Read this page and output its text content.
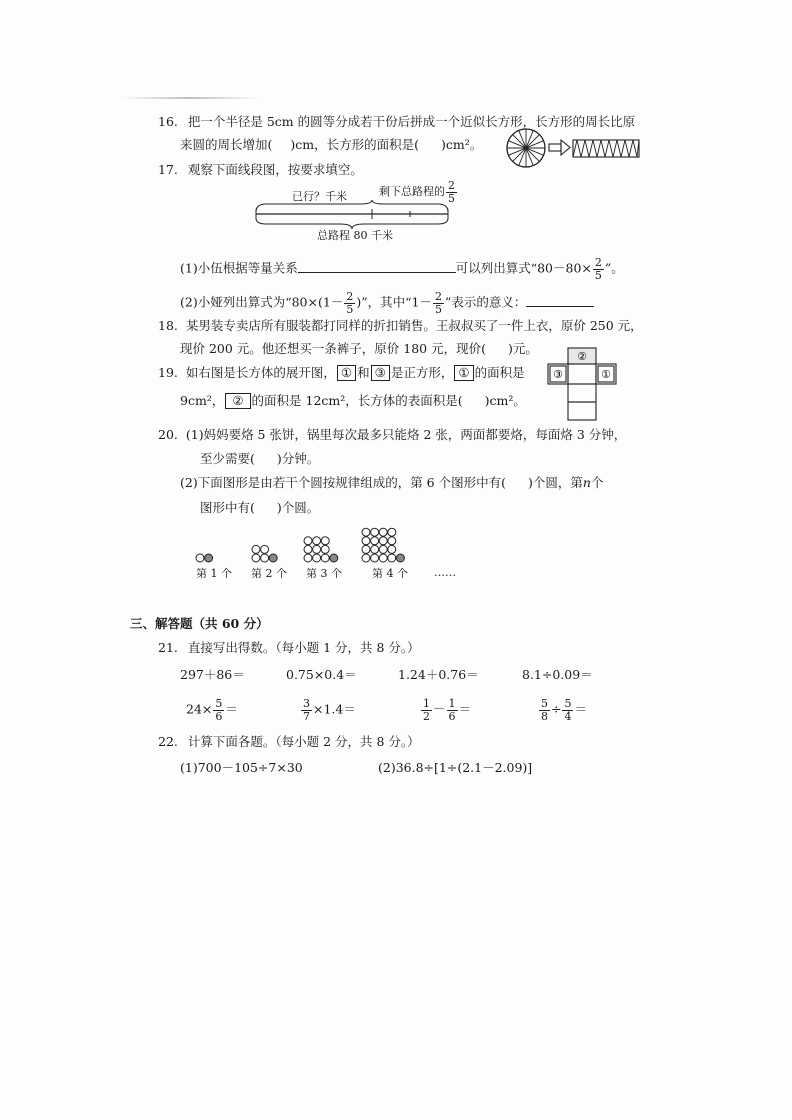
16. 把一个半径是 5cm 的圆等分成若干份后拼成一个近似长方形，长方形的周长比原
来圆的周长增加( )cm，长方形的面积是( )cm²。
17. 观察下面线段图，按要求填空。
已行？千米	剩下总路程的 $\frac{2}{5}$
总路程 80 千米
(1)小伍根据等量关系	可以列出算式“$80-80\times \frac{2}{5}$ ”。
(2)小娅列出算式为“$80\times(1- \frac{2}{5}$ )”，其中“$1- \frac{2}{5}$ ”表示的意义：
18. 某男装专卖店所有服装都打同样的折扣销售。王叔叔买了一件上衣，原价 250 元，
现价 200 元。他还想买一条裤子，原价 180 元，现价( )元。
19. 如右图是长方体的展开图， ① 和 ③ 是正方形， ① 的面积是
9cm²， ② 的面积是 12cm²，长方体的表面积是( )cm²。
②
③	①
20. (1)妈妈要烙 5 张饼，锅里每次最多只能烙 2 张，两面都要烙，每面烙 3 分钟，
至少需要( )分钟。
(2)下面图形是由若干个圆按规律组成的，第 6 个图形中有( )个圆，第n个
图形中有( )个圆。
第 1 个 第 2 个 第 3 个	第 4 个 ……
三、解答题（共 60 分）
21. 直接写出得数。（每小题 1 分，共 8 分。）
297＋86＝	0.75×0.4＝	1.24＋0.76＝	8.1÷0.09＝
$24\times \frac{5}{6}$ ＝	$\frac{3}{7} \times 1.4=$	$\frac{1}{2} - \frac{1}{6}$ ＝	$\frac{5}{8} \div \frac{5}{4}$ ＝
22. 计算下面各题。（每小题 2 分，共 8 分。）
(1)700－105÷7×30	(2)36.8÷[1÷(2.1－2.09)]
